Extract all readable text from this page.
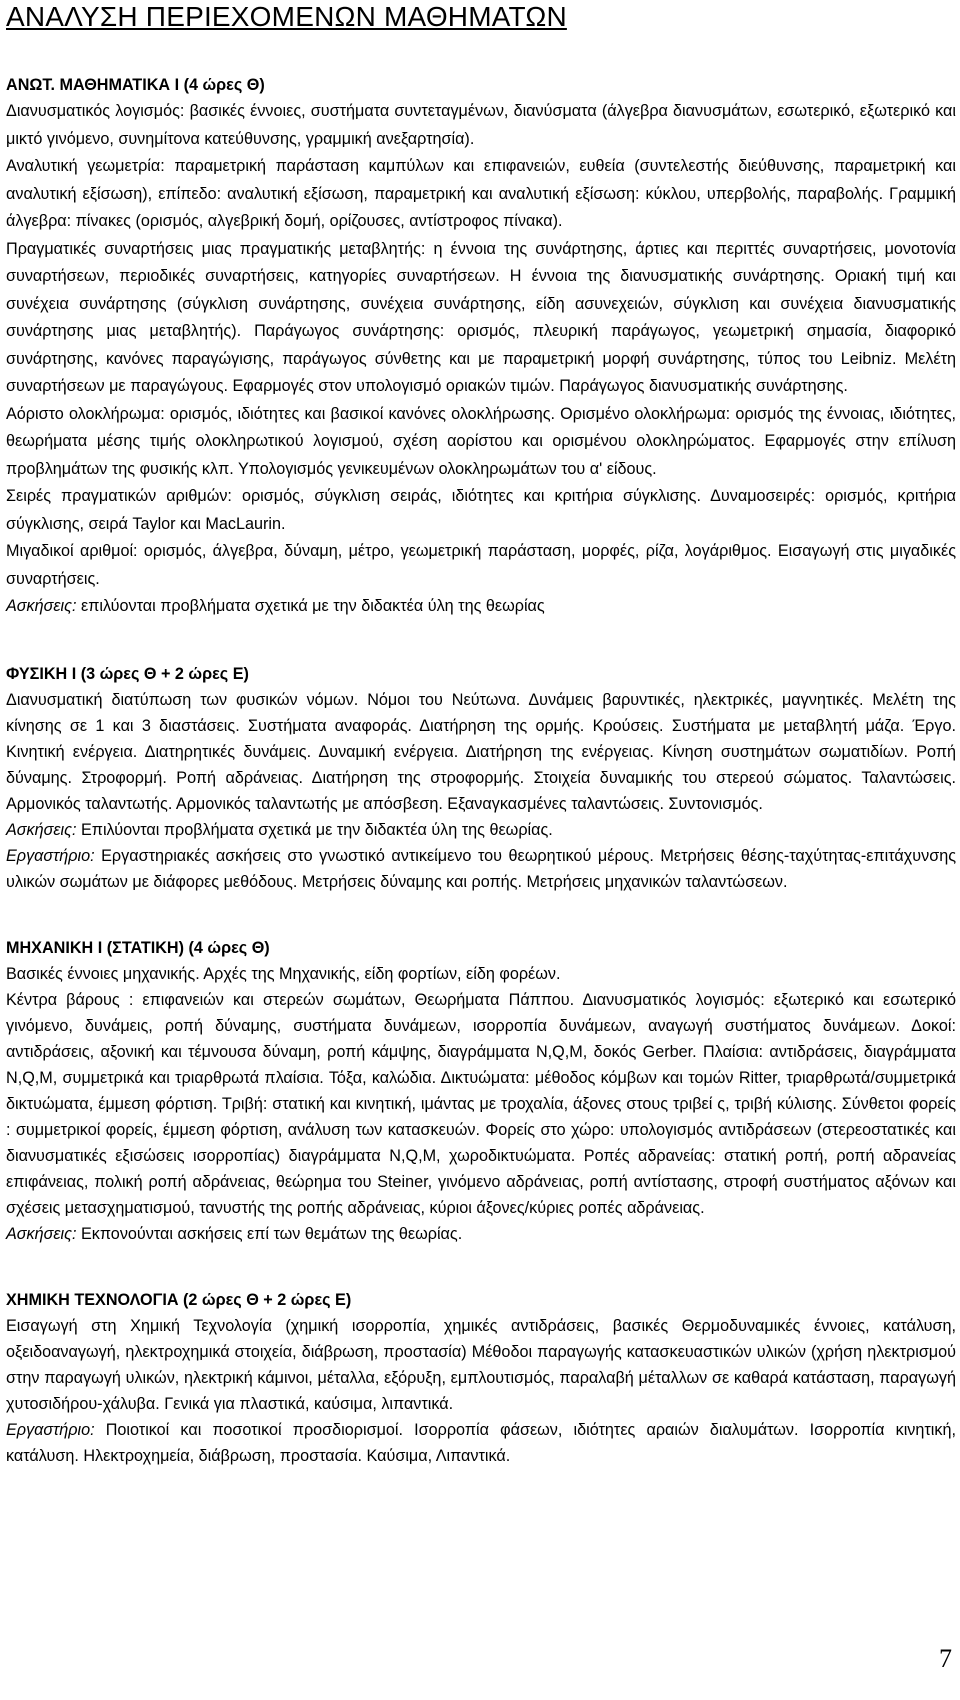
ΑΝΑΛΥΣΗ ΠΕΡΙΕΧΟΜΕΝΩΝ ΜΑΘΗΜΑΤΩΝ
ΑΝΩΤ. ΜΑΘΗΜΑΤΙΚΑ Ι (4 ώρες Θ)

Διανυσματικός λογισμός: βασικές έννοιες, συστήματα συντεταγμένων, διανύσματα (άλγεβρα διανυσμάτων, εσωτερικό, εξωτερικό και μικτό γινόμενο, συνημίτονα κατεύθυνσης, γραμμική ανεξαρτησία).

Αναλυτική γεωμετρία: παραμετρική παράσταση καμπύλων και επιφανειών, ευθεία (συντελεστής διεύθυνσης, παραμετρική και αναλυτική εξίσωση), επίπεδο: αναλυτική εξίσωση, παραμετρική και αναλυτική εξίσωση: κύκλου, υπερβολής, παραβολής. Γραμμική άλγεβρα: πίνακες (ορισμός, αλγεβρική δομή, ορίζουσες, αντίστροφος πίνακα).

Πραγματικές συναρτήσεις μιας πραγματικής μεταβλητής: η έννοια της συνάρτησης, άρτιες και περιττές συναρτήσεις, μονοτονία συναρτήσεων, περιοδικές συναρτήσεις, κατηγορίες συναρτήσεων. Η έννοια της διανυσματικής συνάρτησης. Οριακή τιμή και συνέχεια συνάρτησης (σύγκλιση συνάρτησης, συνέχεια συνάρτησης, είδη ασυνεχειών, σύγκλιση και συνέχεια διανυσματικής συνάρτησης μιας μεταβλητής). Παράγωγος συνάρτησης: ορισμός, πλευρική παράγωγος, γεωμετρική σημασία, διαφορικό συνάρτησης, κανόνες παραγώγισης, παράγωγος σύνθετης και με παραμετρική μορφή συνάρτησης, τύπος του Leibniz. Μελέτη συναρτήσεων με παραγώγους. Εφαρμογές στον υπολογισμό οριακών τιμών. Παράγωγος διανυσματικής συνάρτησης.

Αόριστο ολοκλήρωμα: ορισμός, ιδιότητες και βασικοί κανόνες ολοκλήρωσης. Ορισμένο ολοκλήρωμα: ορισμός της έννοιας, ιδιότητες, θεωρήματα μέσης τιμής ολοκληρωτικού λογισμού, σχέση αορίστου και ορισμένου ολοκληρώματος. Εφαρμογές στην επίλυση προβλημάτων της φυσικής κλπ. Υπολογισμός γενικευμένων ολοκληρωμάτων του α' είδους.

Σειρές πραγματικών αριθμών: ορισμός, σύγκλιση σειράς, ιδιότητες και κριτήρια σύγκλισης. Δυναμοσειρές: ορισμός, κριτήρια σύγκλισης, σειρά Taylor και MacLaurin.

Μιγαδικοί αριθμοί: ορισμός, άλγεβρα, δύναμη, μέτρο, γεωμετρική παράσταση, μορφές, ρίζα, λογάριθμος. Εισαγωγή στις μιγαδικές συναρτήσεις.

Ασκήσεις: επιλύονται προβλήματα σχετικά με την διδακτέα ύλη της θεωρίας

ΦΥΣΙΚΗ Ι (3 ώρες Θ + 2 ώρες Ε)

Διανυσματική διατύπωση των φυσικών νόμων. Νόμοι του Νεύτωνα. Δυνάμεις βαρυντικές, ηλεκτρικές, μαγνητικές. Μελέτη της κίνησης σε 1 και 3 διαστάσεις. Συστήματα αναφοράς. Διατήρηση της ορμής. Κρούσεις. Συστήματα με μεταβλητή μάζα. Έργο. Κινητική ενέργεια. Διατηρητικές δυνάμεις. Δυναμική ενέργεια. Διατήρηση της ενέργειας. Κίνηση συστημάτων σωματιδίων. Ροπή δύναμης. Στροφορμή. Ροπή αδράνειας. Διατήρηση της στροφορμής. Στοιχεία δυναμικής του στερεού σώματος. Ταλαντώσεις. Αρμονικός ταλαντωτής. Αρμονικός ταλαντωτής με απόσβεση. Εξαναγκασμένες ταλαντώσεις. Συντονισμός.

Ασκήσεις: Επιλύονται προβλήματα σχετικά με την διδακτέα ύλη της θεωρίας.

Εργαστήριο: Εργαστηριακές ασκήσεις στο γνωστικό αντικείμενο του θεωρητικού μέρους. Μετρήσεις θέσης-ταχύτητας-επιτάχυνσης υλικών σωμάτων με διάφορες μεθόδους. Μετρήσεις δύναμης και ροπής. Μετρήσεις μηχανικών ταλαντώσεων.

ΜΗΧΑΝΙΚΗ Ι (ΣΤΑΤΙΚΗ) (4 ώρες Θ)

Βασικές έννοιες μηχανικής. Αρχές της Μηχανικής, είδη φορτίων, είδη φορέων.

Κέντρα βάρους : επιφανειών και στερεών σωμάτων, Θεωρήματα Πάππου. Διανυσματικός λογισμός: εξωτερικό και εσωτερικό γινόμενο, δυνάμεις, ροπή δύναμης, συστήματα δυνάμεων, ισορροπία δυνάμεων, αναγωγή συστήματος δυνάμεων. Δοκοί: αντιδράσεις, αξονική και τέμνουσα δύναμη, ροπή κάμψης, διαγράμματα N,Q,M, δοκός Gerber. Πλαίσια: αντιδράσεις, διαγράμματα N,Q,M, συμμετρικά και τριαρθρωτά πλαίσια. Τόξα, καλώδια. Δικτυώματα: μέθοδος κόμβων και τομών Ritter, τριαρθρωτά/συμμετρικά δικτυώματα, έμμεση φόρτιση. Τριβή: στατική και κινητική, ιμάντας με τροχαλία, άξονες στους τριβεί ς, τριβή κύλισης. Σύνθετοι φορείς : συμμετρικοί φορείς, έμμεση φόρτιση, ανάλυση των κατασκευών. Φορείς στο χώρο: υπολογισμός αντιδράσεων (στερεοστατικές και διανυσματικές εξισώσεις ισορροπίας) διαγράμματα N,Q,M, χωροδικτυώματα. Ροπές αδρανείας: στατική ροπή, ροπή αδρανείας επιφάνειας, πολική ροπή αδράνειας, θεώρημα του Steiner, γινόμενο αδράνειας, ροπή αντίστασης, στροφή συστήματος αξόνων και σχέσεις μετασχηματισμού, τανυστής της ροπής αδράνειας, κύριοι άξονες/κύριες ροπές αδράνειας.

Ασκήσεις: Εκπονούνται ασκήσεις επί των θεμάτων της θεωρίας.

ΧΗΜΙΚΗ ΤΕΧΝΟΛΟΓΙΑ (2 ώρες Θ + 2 ώρες Ε)

Εισαγωγή στη Χημική Τεχνολογία (χημική ισορροπία, χημικές αντιδράσεις, βασικές Θερμοδυναμικές έννοιες, κατάλυση, οξειδοαναγωγή, ηλεκτροχημικά στοιχεία, διάβρωση, προστασία) Μέθοδοι παραγωγής κατασκευαστικών υλικών (χρήση ηλεκτρισμού στην παραγωγή υλικών, ηλεκτρική κάμινοι, μέταλλα, εξόρυξη, εμπλουτισμός, παραλαβή μέταλλων σε καθαρά κατάσταση, παραγωγή χυτοσιδήρου-χάλυβα. Γενικά για πλαστικά, καύσιμα, λιπαντικά.

Εργαστήριο: Ποιοτικοί και ποσοτικοί προσδιορισμοί. Ισορροπία φάσεων, ιδιότητες αραιών διαλυμάτων. Ισορροπία κινητική, κατάλυση. Ηλεκτροχημεία, διάβρωση, προστασία. Καύσιμα, Λιπαντικά.

7
